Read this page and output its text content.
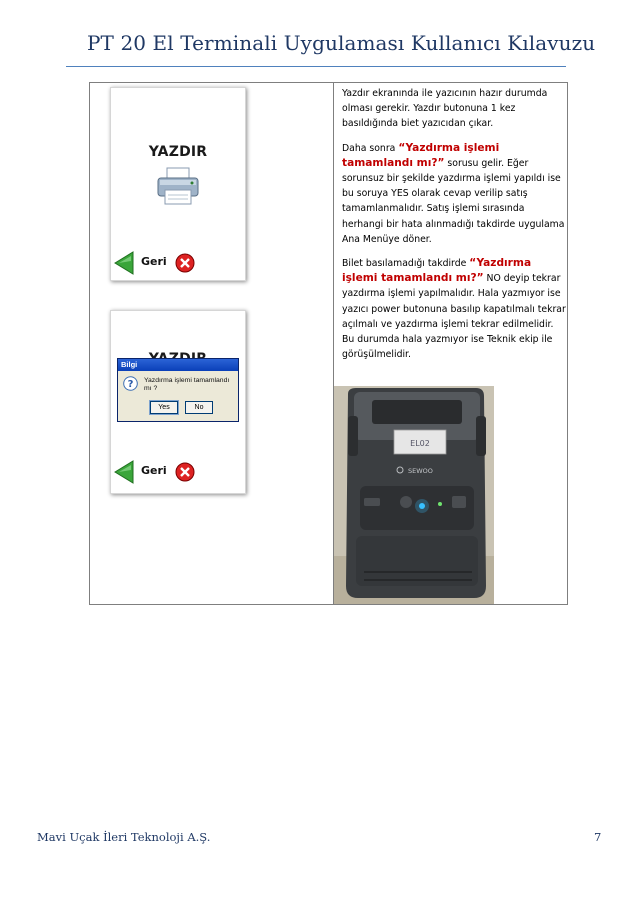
PT 20 El Terminali Uygulaması Kullanıcı Kılavuzu

Yazdır ekranında ile yazıcının hazır durumda olması gerekir. Yazdır butonuna 1 kez basıldığında biet yazıcıdan çıkar.

Daha sonra “Yazdırma işlemi tamamlandı mı?” sorusu gelir. Eğer sorunsuz bir şekilde yazdırma işlemi yapıldı ise bu soruya YES olarak cevap verilip satış tamamlanmalıdır. Satış işlemi sırasında herhangi bir hata alınmadığı takdirde uygulama Ana Menüye döner.

Bilet basılamadığı takdirde “Yazdırma işlemi tamamlandı mı?” NO deyip tekrar yazdırma işlemi yapılmalıdır. Hala yazmıyor ise yazıcı power butonuna basılıp kapatılmalı tekrar açılmalı ve yazdırma işlemi tekrar edilmelidir. Bu durumda hala yazmıyor ise Teknik ekip ile görüşülmelidir.

YAZDIR
Geri
Bilgi
? Yazdırma işlemi tamamlandı mı ?
Yes	No
Geri
EL02
SEWOO
Mavi Uçak İleri Teknoloji A.Ş.	7
